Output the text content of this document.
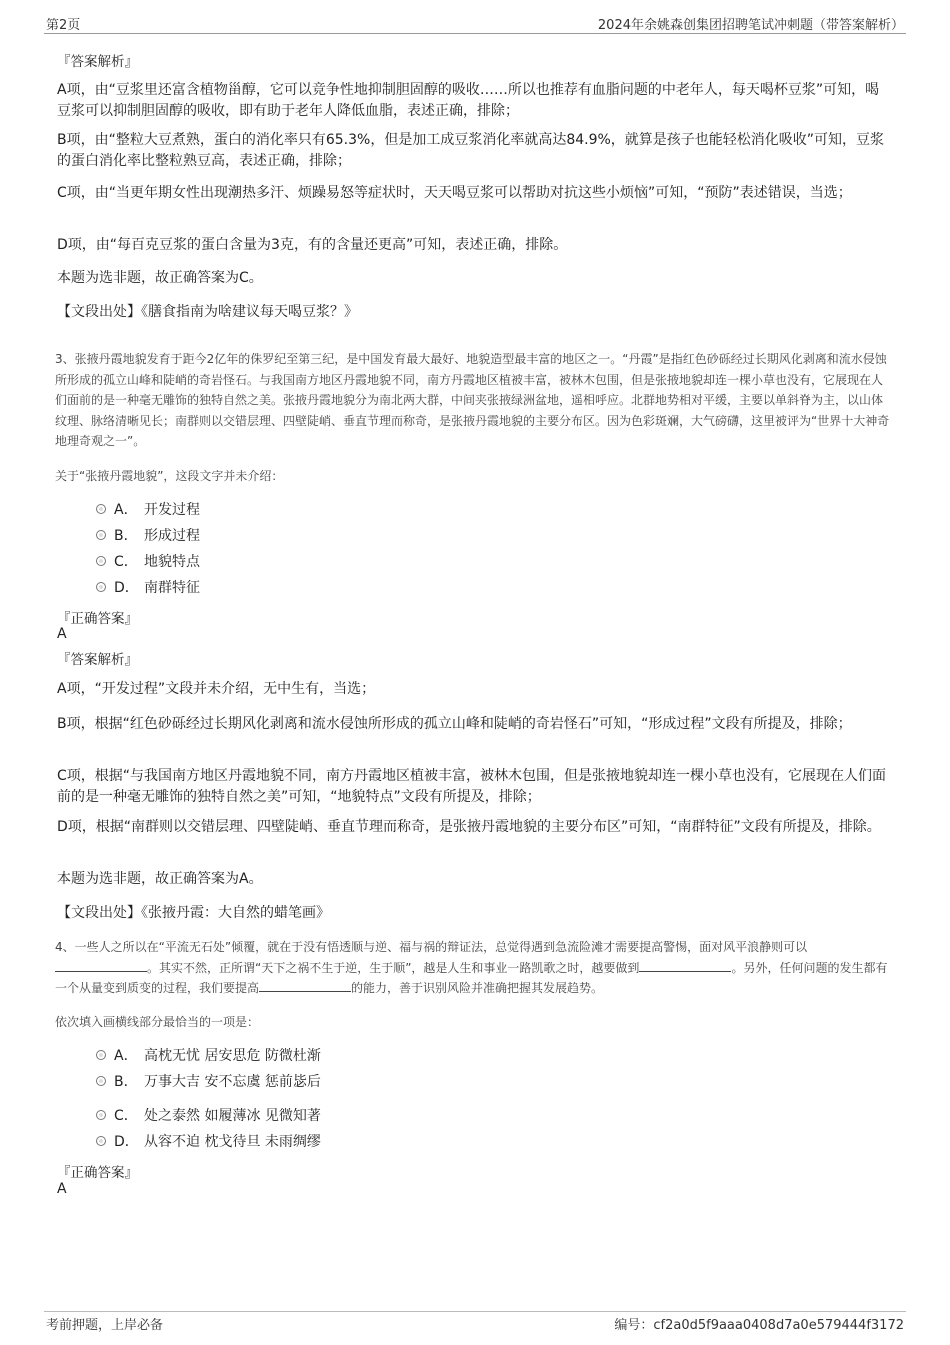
第2页	2024年余姚森创集团招聘笔试冲刺题（带答案解析）
『答案解析』
A项，由“豆浆里还富含植物甾醇，它可以竞争性地抑制胆固醇的吸收……所以也推荐有血脂问题的中老年人，每天喝杯豆浆”可知，喝豆浆可以抑制胆固醇的吸收，即有助于老年人降低血脂，表述正确，排除；
B项，由“整粒大豆煮熟，蛋白的消化率只有65.3%，但是加工成豆浆消化率就高达84.9%，就算是孩子也能轻松消化吸收”可知，豆浆的蛋白消化率比整粒熟豆高，表述正确，排除；
C项，由“当更年期女性出现潮热多汗、烦躁易怒等症状时，天天喝豆浆可以帮助对抗这些小烦恼”可知，“预防”表述错误，当选；
D项，由“每百克豆浆的蛋白含量为3克，有的含量还更高”可知，表述正确，排除。
本题为选非题，故正确答案为C。
【文段出处】《膳食指南为啥建议每天喝豆浆？》
3、张掖丹霞地貌发育于距今2亿年的侏罗纪至第三纪，是中国发育最大最好、地貌造型最丰富的地区之一。“丹霞”是指红色砂砾经过长期风化剥离和流水侵蚀所形成的孤立山峰和陡峭的奇岩怪石。与我国南方地区丹霞地貌不同，南方丹霞地区植被丰富，被林木包围，但是张掖地貌却连一棵小草也没有，它展现在人们面前的是一种毫无雕饰的独特自然之美。张掖丹霞地貌分为南北两大群，中间夹张掖绿洲盆地，遥相呼应。北群地势相对平缓，主要以单斜脊为主，以山体纹理、脉络清晰见长；南群则以交错层理、四壁陡峭、垂直节理而称奇，是张掖丹霞地貌的主要分布区。因为色彩斑斓，大气磅礴，这里被评为“世界十大神奇地理奇观之一”。
关于“张掖丹霞地貌”，这段文字并未介绍：
A． 开发过程
B． 形成过程
C． 地貌特点
D． 南群特征
『正确答案』
A
『答案解析』
A项，“开发过程”文段并未介绍，无中生有，当选；
B项，根据“红色砂砾经过长期风化剥离和流水侵蚀所形成的孤立山峰和陡峭的奇岩怪石”可知，“形成过程”文段有所提及，排除；
C项，根据“与我国南方地区丹霞地貌不同，南方丹霞地区植被丰富，被林木包围，但是张掖地貌却连一棵小草也没有，它展现在人们面前的是一种毫无雕饰的独特自然之美”可知，“地貌特点”文段有所提及，排除；
D项，根据“南群则以交错层理、四壁陡峭、垂直节理而称奇，是张掖丹霞地貌的主要分布区”可知，“南群特征”文段有所提及，排除。
本题为选非题，故正确答案为A。
【文段出处】《张掖丹霞：大自然的蜡笔画》
4、一些人之所以在“平流无石处”倾覆，就在于没有悟透顺与逆、福与祸的辩证法，总觉得遇到急流险滩才需要提高警惕，面对风平浪静则可以。其实不然，正所谓“天下之祸不生于逆，生于顺”，越是人生和事业一路凯歌之时，越要做到	。另外，任何问题的发生都有一个从量变到质变的过程，我们要提高	的能力，善于识别风险并准确把握其发展趋势。
依次填入画横线部分最恰当的一项是：
A． 高枕无忧 居安思危 防微杜渐
B． 万事大吉 安不忘虞 惩前毖后
C． 处之泰然 如履薄冰 见微知著
D． 从容不迫 枕戈待旦 未雨绸缪
『正确答案』
A
考前押题，上岸必备	编号：cf2a0d5f9aaa0408d7a0e579444f3172
